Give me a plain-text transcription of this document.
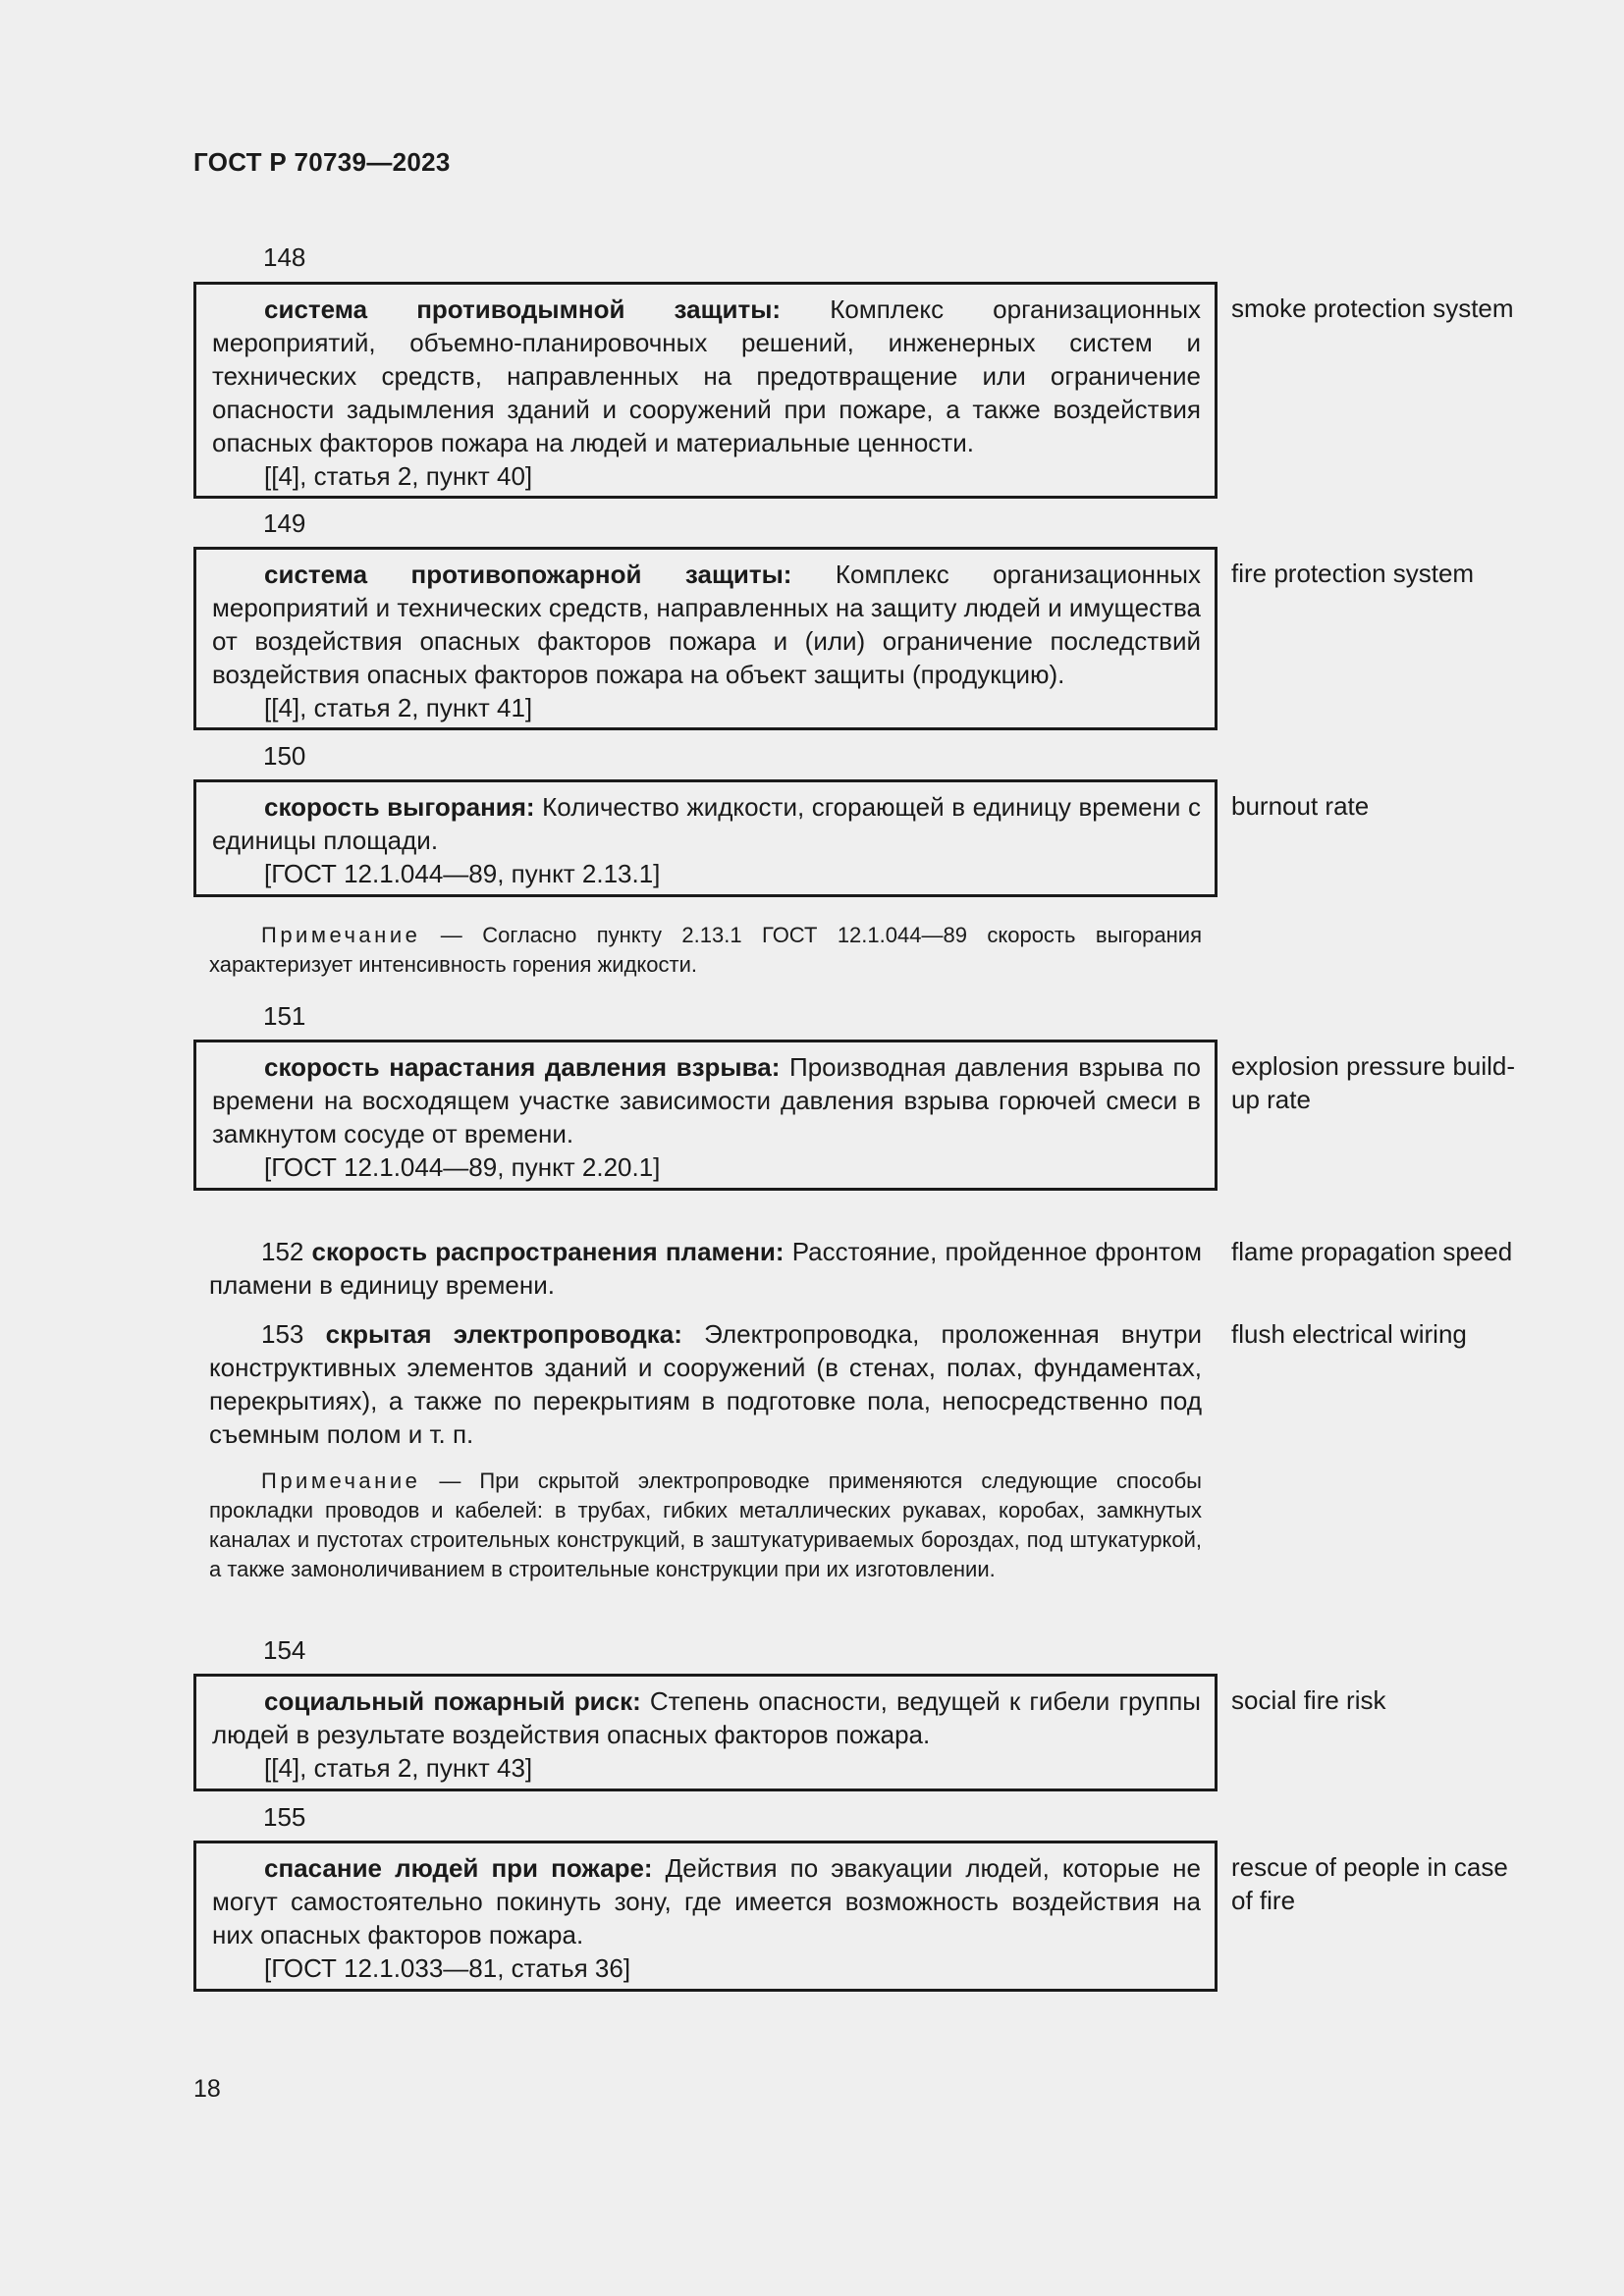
ГОСТ Р 70739—2023
148

система противодымной защиты: Комплекс организационных мероприятий, объемно-планировочных решений, инженерных систем и технических средств, направленных на предотвращение или ограничение опасности задымления зданий и сооружений при пожаре, а также воздействия опасных факторов пожара на людей и материальные ценности.

[[4], статья 2, пункт 40]

smoke protection system
149

система противопожарной защиты: Комплекс организационных мероприятий и технических средств, направленных на защиту людей и имущества от воздействия опасных факторов пожара и (или) ограничение последствий воздействия опасных факторов пожара на объект защиты (продукцию).

[[4], статья 2, пункт 41]

fire protection system
150

скорость выгорания: Количество жидкости, сгорающей в единицу времени с единицы площади.

[ГОСТ 12.1.044—89, пункт 2.13.1]

burnout rate

Примечание — Согласно пункту 2.13.1 ГОСТ 12.1.044—89 скорость выгорания характеризует интенсивность горения жидкости.

151

скорость нарастания давления взрыва: Производная давления взрыва по времени на восходящем участке зависимости давления взрыва горючей смеси в замкнутом сосуде от времени.

[ГОСТ 12.1.044—89, пункт 2.20.1]

explosion pressure build-up rate

152 скорость распространения пламени: Расстояние, пройденное фронтом пламени в единицу времени.

flame propagation speed

153 скрытая электропроводка: Электропроводка, проложенная внутри конструктивных элементов зданий и сооружений (в стенах, полах, фундаментах, перекрытиях), а также по перекрытиям в подготовке пола, непосредственно под съемным полом и т. п.

flush electrical wiring

Примечание — При скрытой электропроводке применяются следующие способы прокладки проводов и кабелей: в трубах, гибких металлических рукавах, коробах, замкнутых каналах и пустотах строительных конструкций, в заштукатуриваемых бороздах, под штукатуркой, а также замоноличиванием в строительные конструкции при их изготовлении.

154

социальный пожарный риск: Степень опасности, ведущей к гибели группы людей в результате воздействия опасных факторов пожара.

[[4], статья 2, пункт 43]

social fire risk
155

спасание людей при пожаре: Действия по эвакуации людей, которые не могут самостоятельно покинуть зону, где имеется возможность воздействия на них опасных факторов пожара.

[ГОСТ 12.1.033—81, статья 36]

rescue of people in case of fire
18
